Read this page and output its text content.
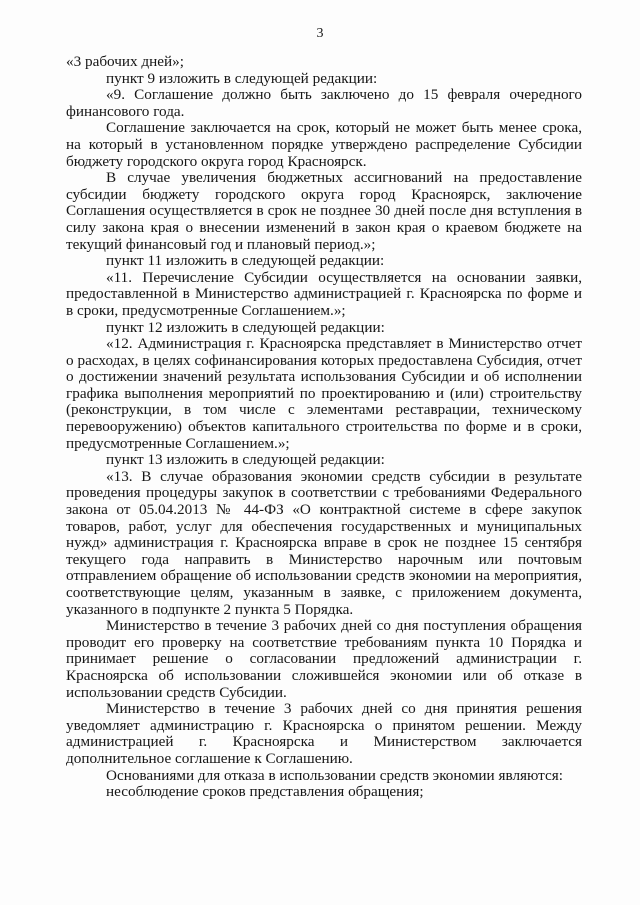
3

«3 рабочих дней»;

пункт 9 изложить в следующей редакции:

«9. Соглашение должно быть заключено до 15 февраля очередного финансового года.

Соглашение заключается на срок, который не может быть менее срока, на который в установленном порядке утверждено распределение Субсидии бюджету городского округа город Красноярск.

В случае увеличения бюджетных ассигнований на предоставление субсидии бюджету городского округа город Красноярск, заключение Соглашения осуществляется в срок не позднее 30 дней после дня вступления в силу закона края о внесении изменений в закон края о краевом бюджете на текущий финансовый год и плановый период.»;

пункт 11 изложить в следующей редакции:

«11. Перечисление Субсидии осуществляется на основании заявки, предоставленной в Министерство администрацией г. Красноярска по форме и в сроки, предусмотренные Соглашением.»;

пункт 12 изложить в следующей редакции:

«12. Администрация г. Красноярска представляет в Министерство отчет о расходах, в целях софинансирования которых предоставлена Субсидия, отчет о достижении значений результата использования Субсидии и об исполнении графика выполнения мероприятий по проектированию и (или) строительству (реконструкции, в том числе с элементами реставрации, техническому перевооружению) объектов капитального строительства по форме и в сроки, предусмотренные Соглашением.»;

пункт 13 изложить в следующей редакции:

«13. В случае образования экономии средств субсидии в результате проведения процедуры закупок в соответствии с требованиями Федерального закона от 05.04.2013 № 44-ФЗ «О контрактной системе в сфере закупок товаров, работ, услуг для обеспечения государственных и муниципальных нужд» администрация г. Красноярска вправе в срок не позднее 15 сентября текущего года направить в Министерство нарочным или почтовым отправлением обращение об использовании средств экономии на мероприятия, соответствующие целям, указанным в заявке, с приложением документа, указанного в подпункте 2 пункта 5 Порядка.

Министерство в течение 3 рабочих дней со дня поступления обращения проводит его проверку на соответствие требованиям пункта 10 Порядка и принимает решение о согласовании предложений администрации г. Красноярска об использовании сложившейся экономии или об отказе в использовании средств Субсидии.

Министерство в течение 3 рабочих дней со дня принятия решения уведомляет администрацию г. Красноярска о принятом решении. Между администрацией г. Красноярска и Министерством заключается дополнительное соглашение к Соглашению.

Основаниями для отказа в использовании средств экономии являются:

несоблюдение сроков представления обращения;
